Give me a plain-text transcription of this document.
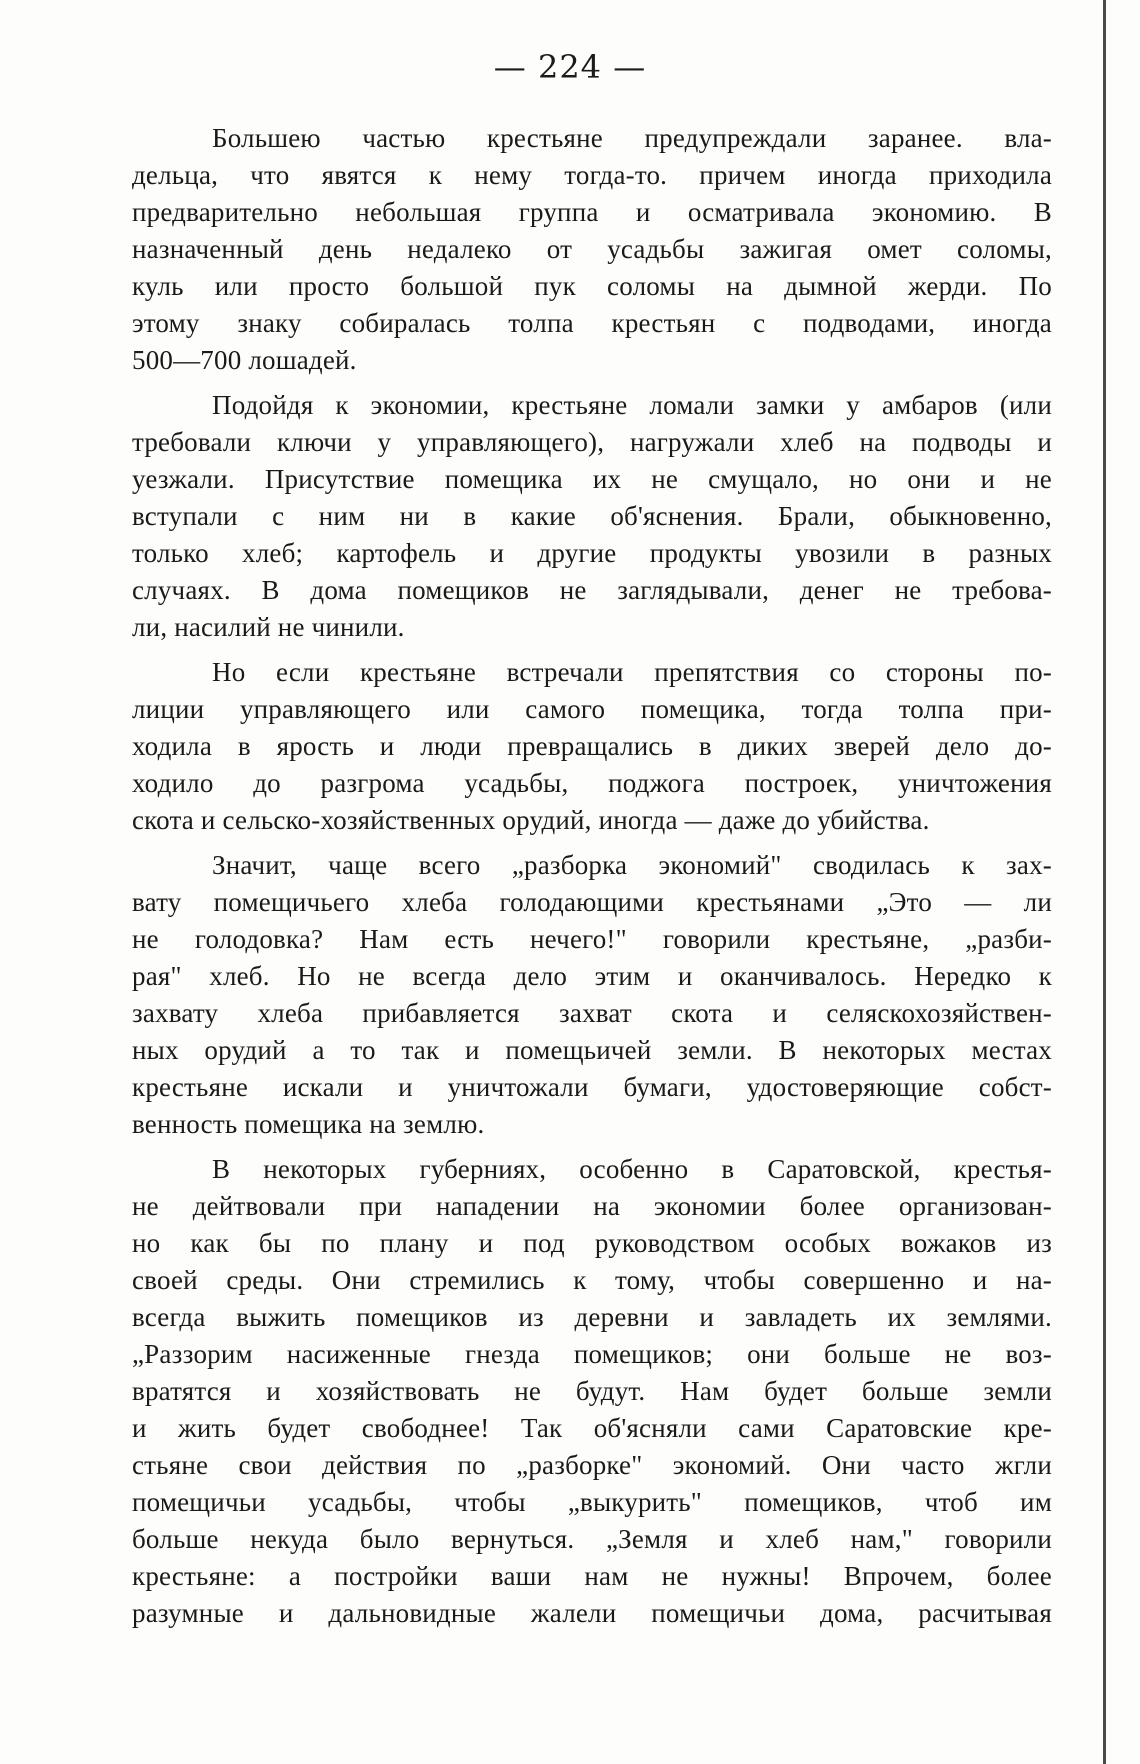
— 224 —
Большею частью крестьяне предупреждали заранее. вла-
дельца, что явятся к нему тогда-то. причем иногда приходила
предварительно небольшая группа и осматривала экономию. В
назначенный день недалеко от усадьбы зажигая омет соломы,
куль или просто большой пук соломы на дымной жерди. По
этому знаку собиралась толпа крестьян с подводами, иногда
500—700 лошадей.
Подойдя к экономии, крестьяне ломали замки у амбаров (или
требовали ключи у управляющего), нагружали хлеб на подводы и
уезжали. Присутствие помещика их не смущало, но они и не
вступали с ним ни в какие об'яснения. Брали, обыкновенно,
только хлеб; картофель и другие продукты увозили в разных
случаях. В дома помещиков не заглядывали, денег не требова-
ли, насилий не чинили.
Но если крестьяне встречали препятствия со стороны по-
лиции управляющего или самого помещика, тогда толпа при-
ходила в ярость и люди превращались в диких зверей дело до-
ходило до разгрома усадьбы, поджога построек, уничтожения
скота и сельско-хозяйственных орудий, иногда — даже до убийства.
Значит, чаще всего „разборка экономий" сводилась к зах-
вату помещичьего хлеба голодающими крестьянами „Это — ли
не голодовка? Нам есть нечего!" говорили крестьяне, „разби-
рая" хлеб. Но не всегда дело этим и оканчивалось. Нередко к
захвату хлеба прибавляется захват скота и селяскохозяйствен-
ных орудий а то так и помещьичей земли. В некоторых местах
крестьяне искали и уничтожали бумаги, удостоверяющие собст-
венность помещика на землю.
В некоторых губерниях, особенно в Саратовской, крестья-
не дейтвовали при нападении на экономии более организован-
но как бы по плану и под руководством особых вожаков из
своей среды. Они стремились к тому, чтобы совершенно и на-
всегда выжить помещиков из деревни и завладеть их землями.
„Раззорим насиженные гнезда помещиков; они больше не воз-
вратятся и хозяйствовать не будут. Нам будет больше земли
и жить будет свободнее! Так об'ясняли сами Саратовские кре-
стьяне свои действия по „разборке" экономий. Они часто жгли
помещичьи усадьбы, чтобы „выкурить" помещиков, чтоб им
больше некуда было вернуться. „Земля и хлеб нам," говорили
крестьяне: а постройки ваши нам не нужны! Впрочем, более
разумные и дальновидные жалели помещичьи дома, расчитывая
